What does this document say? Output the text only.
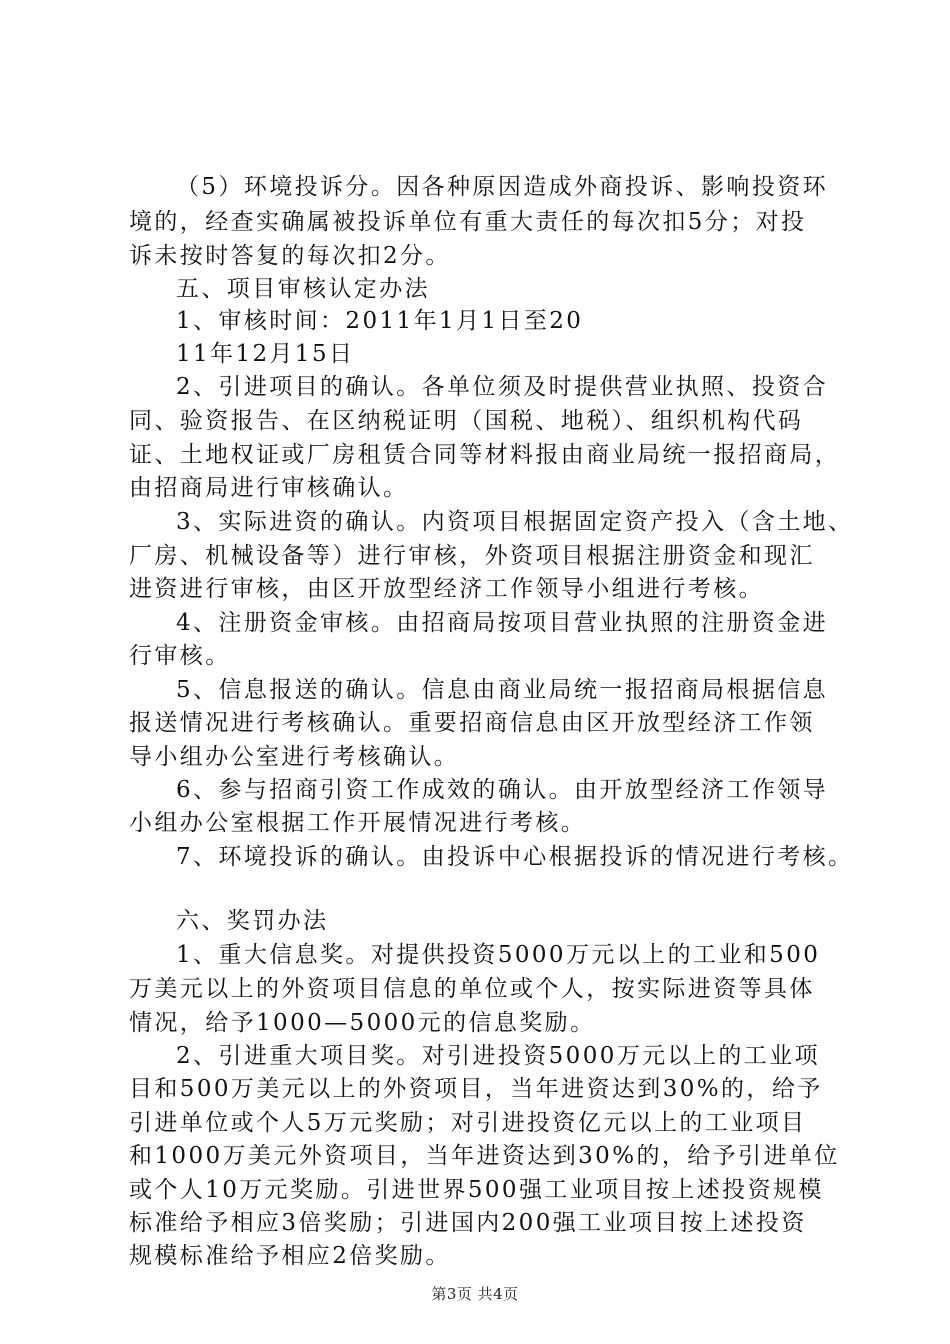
（5）环境投诉分。因各种原因造成外商投诉、影响投资环
境的，经查实确属被投诉单位有重大责任的每次扣5分；对投
诉未按时答复的每次扣2分。
五、项目审核认定办法
1、审核时间：2011年1月1日至20
11年12月15日
2、引进项目的确认。各单位须及时提供营业执照、投资合
同、验资报告、在区纳税证明（国税、地税）、组织机构代码
证、土地权证或厂房租赁合同等材料报由商业局统一报招商局，
由招商局进行审核确认。
3、实际进资的确认。内资项目根据固定资产投入（含土地、
厂房、机械设备等）进行审核，外资项目根据注册资金和现汇
进资进行审核，由区开放型经济工作领导小组进行考核。
4、注册资金审核。由招商局按项目营业执照的注册资金进
行审核。
5、信息报送的确认。信息由商业局统一报招商局根据信息
报送情况进行考核确认。重要招商信息由区开放型经济工作领
导小组办公室进行考核确认。
6、参与招商引资工作成效的确认。由开放型经济工作领导
小组办公室根据工作开展情况进行考核。
7、环境投诉的确认。由投诉中心根据投诉的情况进行考核。
六、奖罚办法
1、重大信息奖。对提供投资5000万元以上的工业和500
万美元以上的外资项目信息的单位或个人，按实际进资等具体
情况，给予1000—5000元的信息奖励。
2、引进重大项目奖。对引进投资5000万元以上的工业项
目和500万美元以上的外资项目，当年进资达到30%的，给予
引进单位或个人5万元奖励；对引进投资亿元以上的工业项目
和1000万美元外资项目，当年进资达到30%的，给予引进单位
或个人10万元奖励。引进世界500强工业项目按上述投资规模
标准给予相应3倍奖励；引进国内200强工业项目按上述投资
规模标准给予相应2倍奖励。
第3页 共4页
